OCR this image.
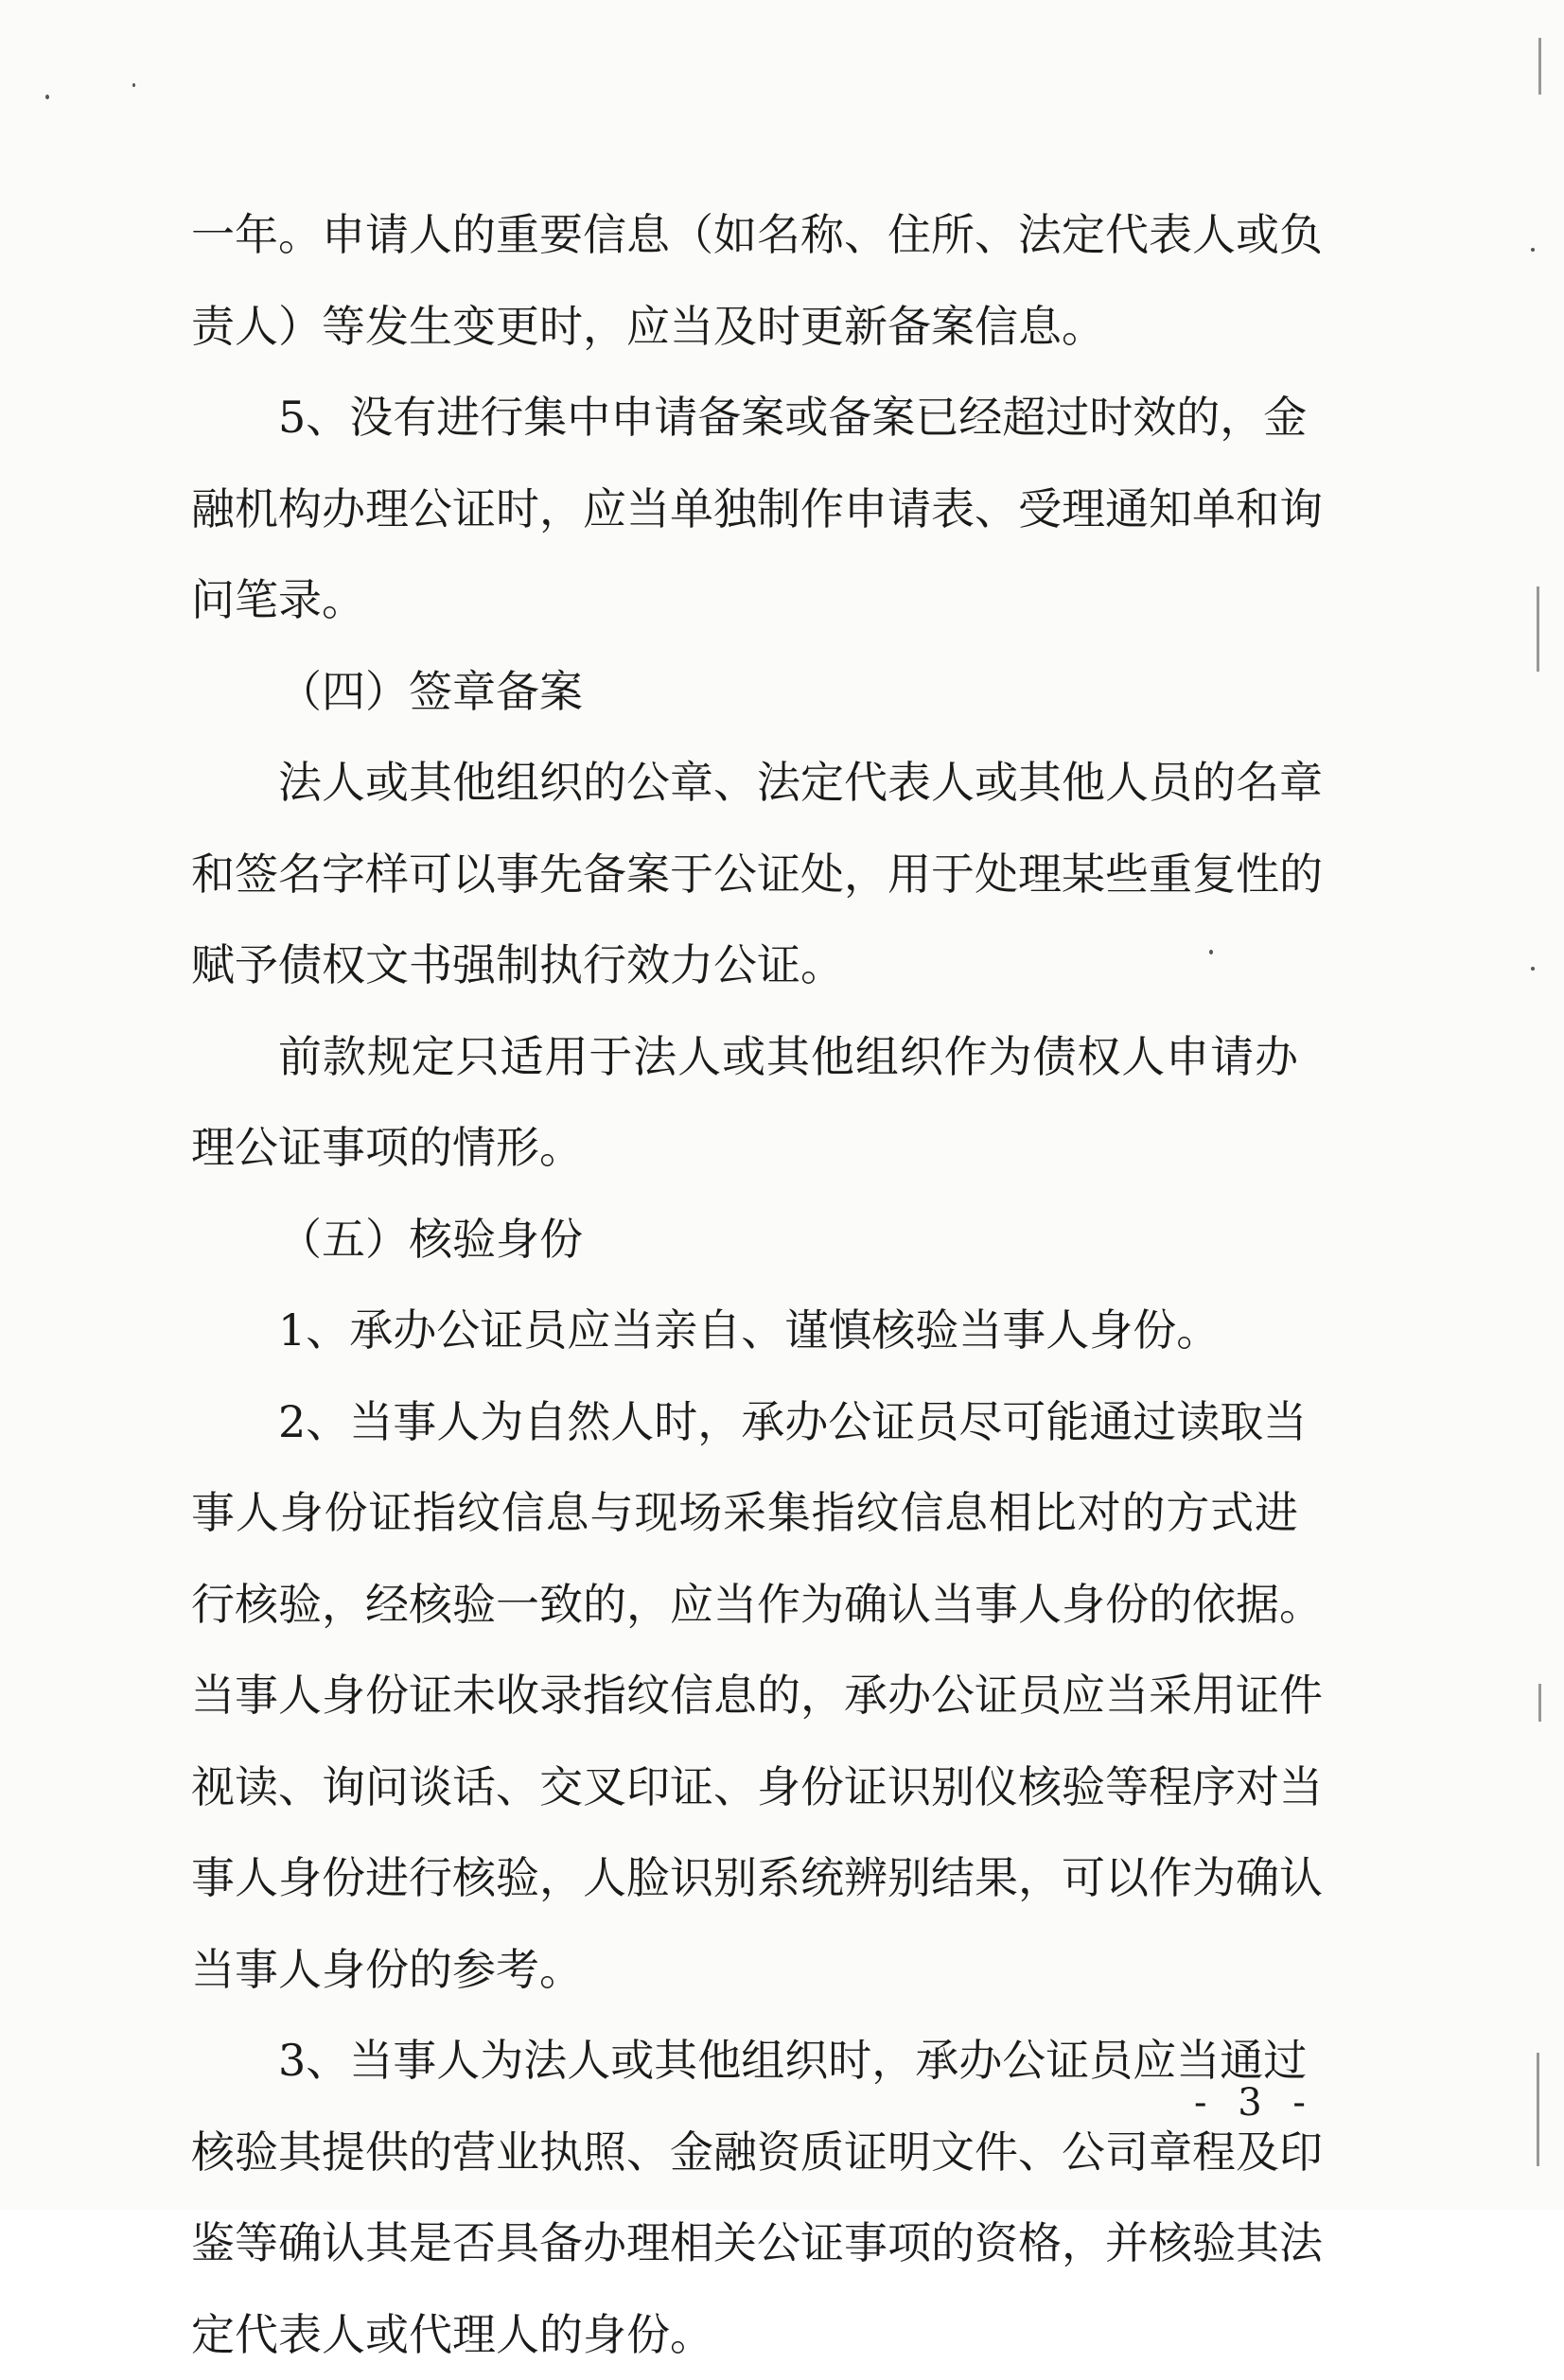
一年。申请人的重要信息（如名称、住所、法定代表人或负
责人）等发生变更时，应当及时更新备案信息。
5、没有进行集中申请备案或备案已经超过时效的，金
融机构办理公证时，应当单独制作申请表、受理通知单和询
问笔录。
（四）签章备案
法人或其他组织的公章、法定代表人或其他人员的名章
和签名字样可以事先备案于公证处，用于处理某些重复性的
赋予债权文书强制执行效力公证。
前款规定只适用于法人或其他组织作为债权人申请办
理公证事项的情形。
（五）核验身份
1、承办公证员应当亲自、谨慎核验当事人身份。
2、当事人为自然人时，承办公证员尽可能通过读取当
事人身份证指纹信息与现场采集指纹信息相比对的方式进
行核验，经核验一致的，应当作为确认当事人身份的依据。
当事人身份证未收录指纹信息的，承办公证员应当采用证件
视读、询问谈话、交叉印证、身份证识别仪核验等程序对当
事人身份进行核验，人脸识别系统辨别结果，可以作为确认
当事人身份的参考。
3、当事人为法人或其他组织时，承办公证员应当通过
核验其提供的营业执照、金融资质证明文件、公司章程及印
鉴等确认其是否具备办理相关公证事项的资格，并核验其法
定代表人或代理人的身份。
- 3 -
